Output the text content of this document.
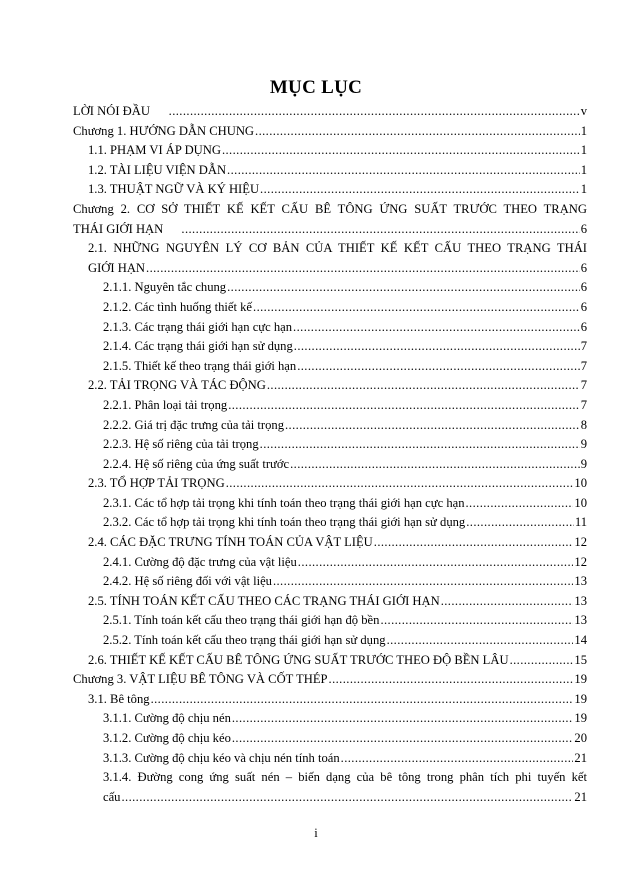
MỤC LỤC
LỜI NÓI ĐẦU .....	v
Chương 1. HƯỚNG DẪN CHUNG .....	1
1.1. PHẠM VI ÁP DỤNG .....	1
1.2. TÀI LIỆU VIỆN DẪN .....	1
1.3. THUẬT NGỮ VÀ KÝ HIỆU .....	1
Chương 2. CƠ SỞ THIẾT KẾ KẾT CẤU BÊ TÔNG ỨNG SUẤT TRƯỚC THEO TRẠNG
THÁI GIỚI HẠN .....	6
2.1. NHỮNG NGUYÊN LÝ CƠ BẢN CỦA THIẾT KẾ KẾT CẤU THEO TRẠNG THÁI
GIỚI HẠN .....	6
2.1.1. Nguyên tắc chung .....	6
2.1.2. Các tình huống thiết kế .....	6
2.1.3. Các trạng thái giới hạn cực hạn .....	6
2.1.4. Các trạng thái giới hạn sử dụng .....	7
2.1.5. Thiết kế theo trạng thái giới hạn .....	7
2.2. TẢI TRỌNG VÀ TÁC ĐỘNG .....	7
2.2.1. Phân loại tải trọng .....	7
2.2.2. Giá trị đặc trưng của tải trọng .....	8
2.2.3. Hệ số riêng của tải trọng .....	9
2.2.4. Hệ số riêng của ứng suất trước .....	9
2.3. TỔ HỢP TẢI TRỌNG .....	10
2.3.1. Các tổ hợp tải trọng khi tính toán theo trạng thái giới hạn cực hạn .....	10
2.3.2. Các tổ hợp tải trọng khi tính toán theo trạng thái giới hạn sử dụng .....	11
2.4. CÁC ĐẶC TRƯNG TÍNH TOÁN CỦA VẬT LIỆU .....	12
2.4.1. Cường độ đặc trưng của vật liệu .....	12
2.4.2. Hệ số riêng đối với vật liệu .....	13
2.5. TÍNH TOÁN KẾT CẤU THEO CÁC TRẠNG THÁI GIỚI HẠN .....	13
2.5.1. Tính toán kết cấu theo trạng thái giới hạn độ bền .....	13
2.5.2. Tính toán kết cấu theo trạng thái giới hạn sử dụng .....	14
2.6. THIẾT KẾ KẾT CẤU BÊ TÔNG ỨNG SUẤT TRƯỚC THEO ĐỘ BỀN LÂU .....	15
Chương 3. VẬT LIỆU BÊ TÔNG VÀ CỐT THÉP .....	19
3.1. Bê tông .....	19
3.1.1. Cường độ chịu nén .....	19
3.1.2. Cường độ chịu kéo .....	20
3.1.3. Cường độ chịu kéo và chịu nén tính toán .....	21
3.1.4. Đường cong ứng suất nén – biến dạng của bê tông trong phân tích phi tuyến kết
cấu .....	21
i
